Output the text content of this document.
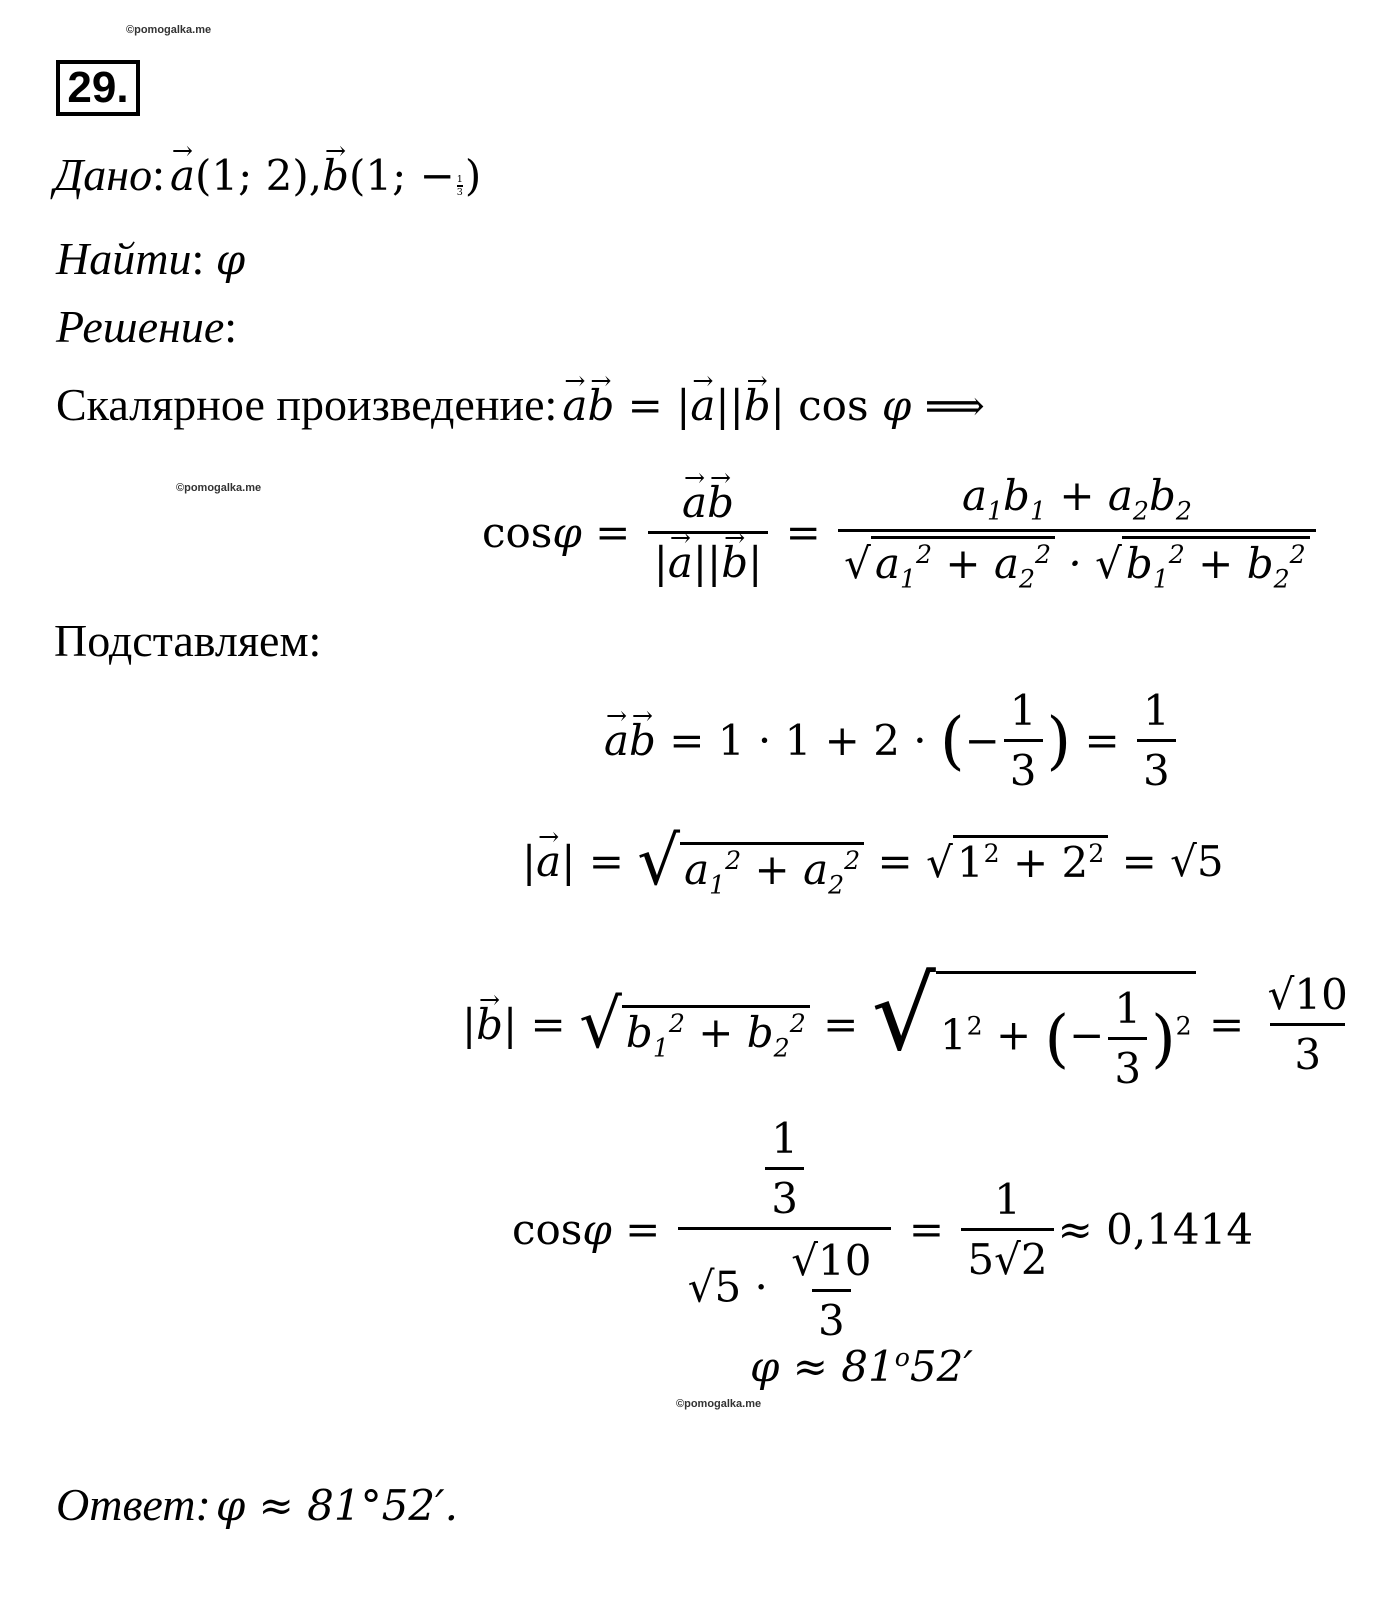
©pomogalka.me
©pomogalka.me
©pomogalka.me
29.
Дано: → a(1; 2),→ b(1; − $\frac{1}{3}$ )
Найти: φ
Решение:
Скалярное произведение: → a→ b = |→ a||→ b| cos φ ⟹
cos φ = → $\frac{a\to b}{|\to a||\to b|} = \frac{a_1b_1 + a_2b_2}{√a_1^2 + a_2^2 \cdot √b_1^2 + b_2^2}$
Подставляем:
→ a→ b = 1 · 1 + 2 · ( − $\frac{1}{3}$ ) = $\frac{1}{3}$
|→ $a| = √a_1^2 + a_2^2 = √1^2 + 2^2 = √5$
|→ $b| = √b_1^2 + b_2^2 = √1^2$ + (− $\frac{1}{3} )^2 = \frac{√10}{3}$
$\cos \varphi = \frac{\frac{1}{3}}{√5 \cdot \frac{√10}{3}} = \frac{1}{5√2} \approx 0,1414$
$\varphi \approx 81^o52'$
Ответ: φ ≈ 81°52′.
